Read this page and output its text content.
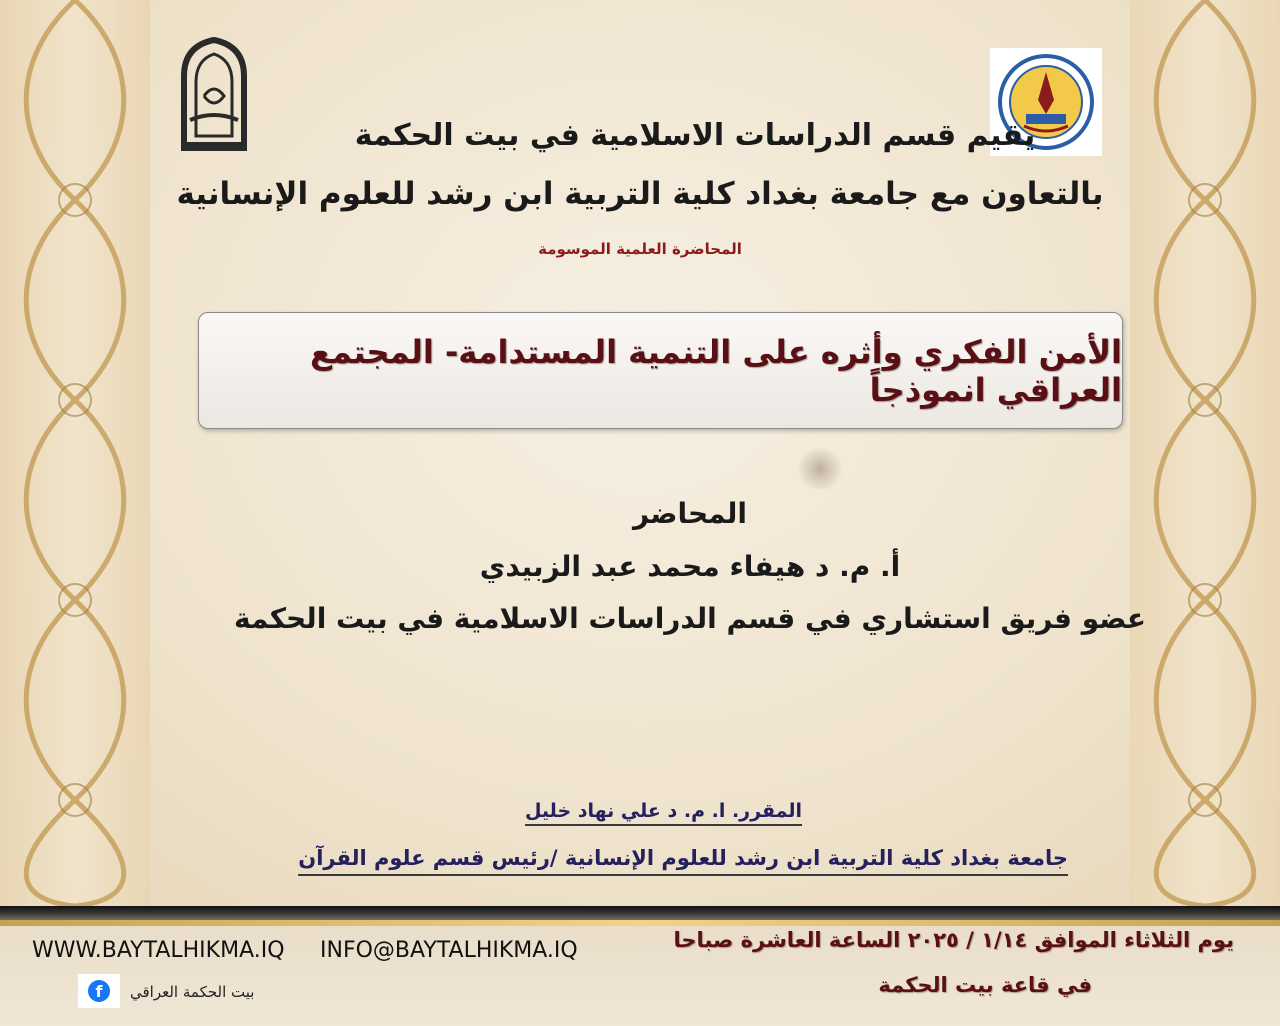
يقيم قسم الدراسات الاسلامية في بيت الحكمة
بالتعاون مع جامعة بغداد كلية التربية ابن رشد للعلوم الإنسانية
المحاضرة العلمية الموسومة
الأمن الفكري وأثره على التنمية المستدامة- المجتمع العراقي انموذجاً
المحاضر
أ. م. د هيفاء محمد عبد الزبيدي
عضو فريق استشاري في قسم الدراسات الاسلامية في بيت الحكمة
المقرر. ا. م. د علي نهاد خليل
جامعة بغداد كلية التربية ابن رشد للعلوم الإنسانية /رئيس قسم علوم القرآن
WWW.BAYTALHIKMA.IQ INFO@BAYTALHIKMA.IQ
f	بيت الحكمة العراقي
يوم الثلاثاء الموافق ١/١٤ / ٢٠٢٥ الساعة العاشرة صباحا
في قاعة بيت الحكمة
